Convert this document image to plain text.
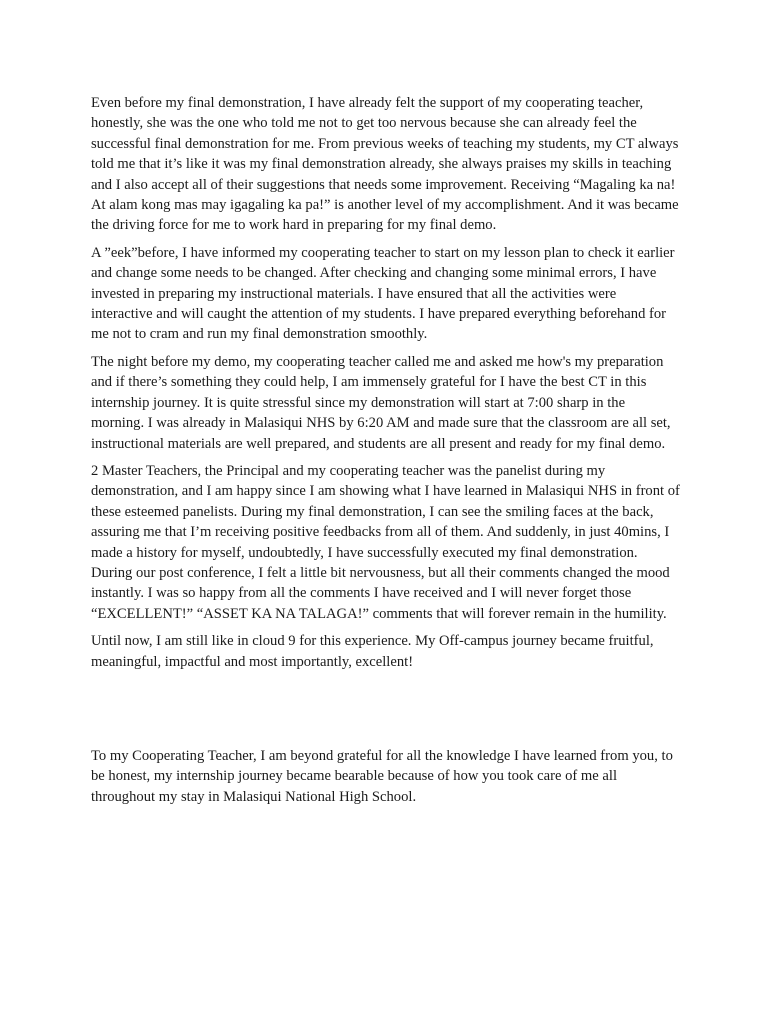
Even before my final demonstration, I have already felt the support of my cooperating teacher, honestly, she was the one who told me not to get too nervous because she can already feel the successful final demonstration for me. From previous weeks of teaching my students, my CT always told me that it’s like it was my final demonstration already, she always praises my skills in teaching and I also accept all of their suggestions that needs some improvement. Receiving “Magaling ka na! At alam kong mas may igagaling ka pa!” is another level of my accomplishment. And it was became the driving force for me to work hard in preparing for my final demo.

A ”eek”before, I have informed my cooperating teacher to start on my lesson plan to check it earlier and change some needs to be changed. After checking and changing some minimal errors, I have invested in preparing my instructional materials. I have ensured that all the activities were interactive and will caught the attention of my students. I have prepared everything beforehand for me not to cram and run my final demonstration smoothly.

The night before my demo, my cooperating teacher called me and asked me how's my preparation and if there’s something they could help, I am immensely grateful for I have the best CT in this internship journey. It is quite stressful since my demonstration will start at 7:00 sharp in the morning. I was already in Malasiqui NHS by 6:20 AM and made sure that the classroom are all set, instructional materials are well prepared, and students are all present and ready for my final demo.

2 Master Teachers, the Principal and my cooperating teacher was the panelist during my demonstration, and I am happy since I am showing what I have learned in Malasiqui NHS in front of these esteemed panelists. During my final demonstration, I can see the smiling faces at the back, assuring me that I’m receiving positive feedbacks from all of them. And suddenly, in just 40mins, I made a history for myself, undoubtedly, I have successfully executed my final demonstration. During our post conference, I felt a little bit nervousness, but all their comments changed the mood instantly. I was so happy from all the comments I have received and I will never forget those “EXCELLENT!” “ASSET KA NA TALAGA!” comments that will forever remain in the humility.

Until now, I am still like in cloud 9 for this experience. My Off-campus journey became fruitful, meaningful, impactful and most importantly, excellent!

To my Cooperating Teacher, I am beyond grateful for all the knowledge I have learned from you, to be honest, my internship journey became bearable because of how you took care of me all throughout my stay in Malasiqui National High School.
